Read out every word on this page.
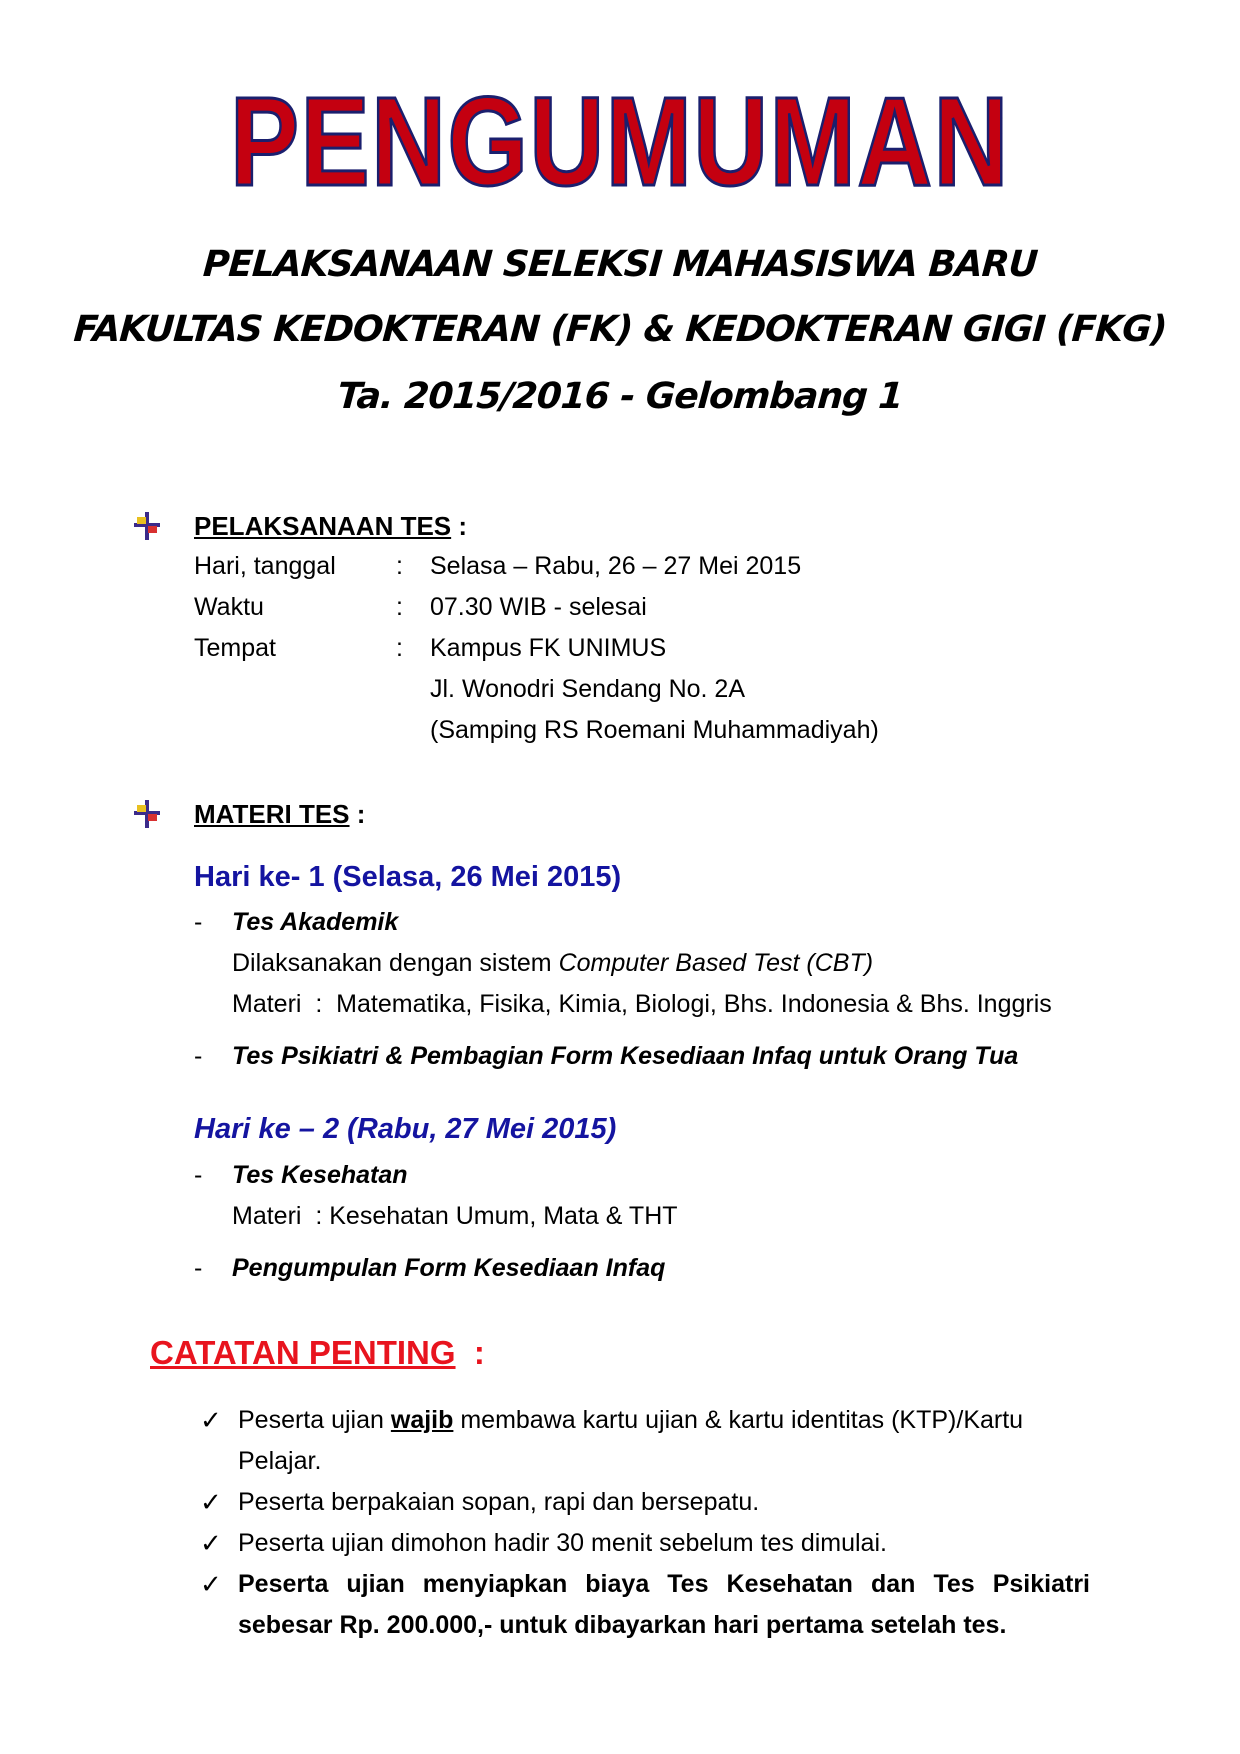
PENGUMUMAN
PELAKSANAAN SELEKSI MAHASISWA BARU
FAKULTAS KEDOKTERAN (FK) & KEDOKTERAN GIGI (FKG)
Ta. 2015/2016 - Gelombang 1
PELAKSANAAN TES :
Hari, tanggal : Selasa – Rabu, 26 – 27 Mei 2015
Waktu	: 07.30 WIB - selesai
Tempat	: Kampus FK UNIMUS
Jl. Wonodri Sendang No. 2A
(Samping RS Roemani Muhammadiyah)
MATERI TES :
Hari ke- 1 (Selasa, 26 Mei 2015)
- Tes Akademik
Dilaksanakan dengan sistem Computer Based Test (CBT)
Materi  :  Matematika, Fisika, Kimia, Biologi, Bhs. Indonesia & Bhs. Inggris
- Tes Psikiatri & Pembagian Form Kesediaan Infaq untuk Orang Tua
Hari ke – 2 (Rabu, 27 Mei 2015)
- Tes Kesehatan
Materi  : Kesehatan Umum, Mata & THT
- Pengumpulan Form Kesediaan Infaq
CATATAN PENTING  :
✓ Peserta ujian wajib membawa kartu ujian & kartu identitas (KTP)/Kartu Pelajar.
✓ Peserta berpakaian sopan, rapi dan bersepatu.
✓ Peserta ujian dimohon hadir 30 menit sebelum tes dimulai.
✓ Peserta ujian menyiapkan biaya Tes Kesehatan dan Tes Psikiatri sebesar Rp. 200.000,- untuk dibayarkan hari pertama setelah tes.
